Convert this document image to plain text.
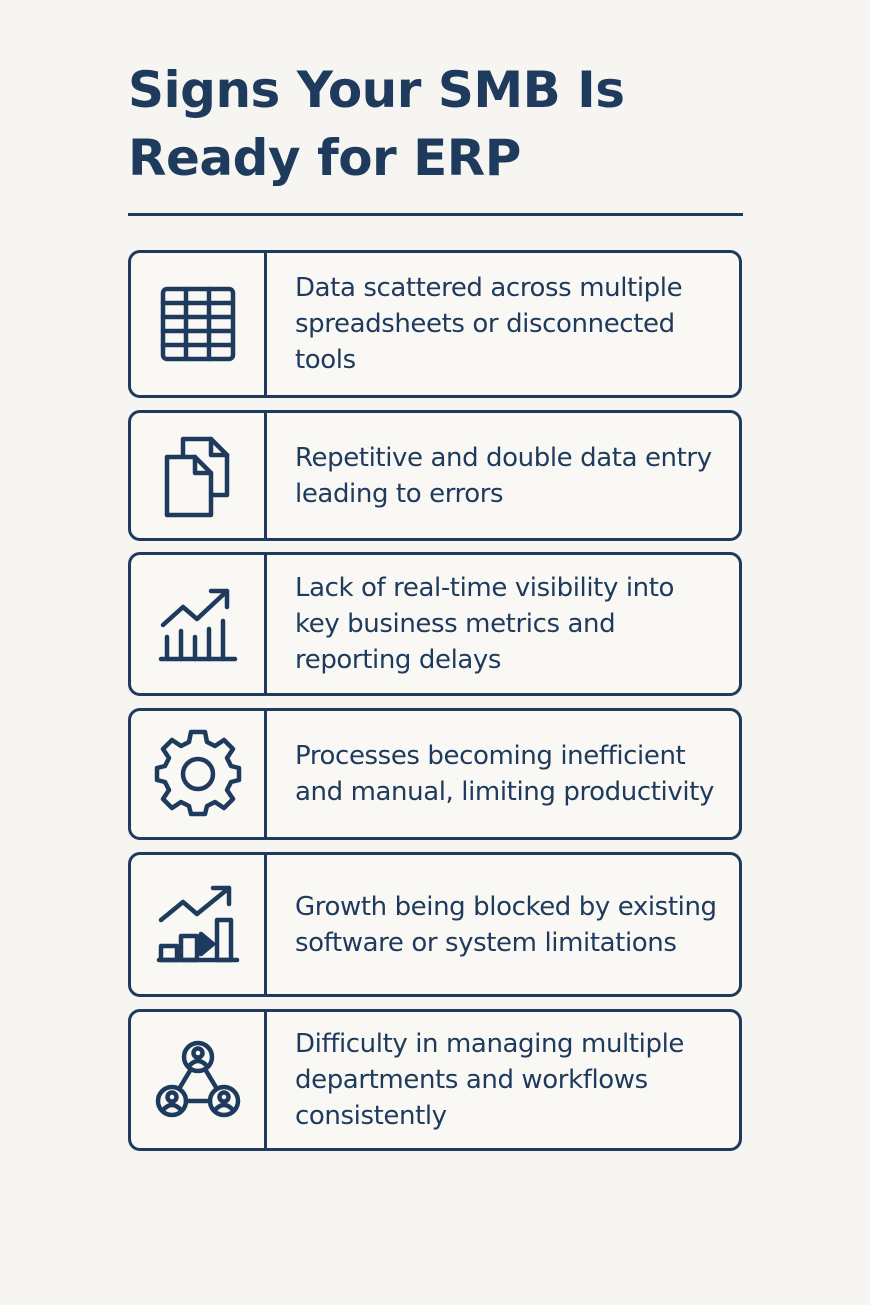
Signs Your SMB Is Ready for ERP
Data scattered across multiple spreadsheets or disconnected tools
Repetitive and double data entry leading to errors
Lack of real-time visibility into key business metrics and reporting delays
Processes becoming inefficient and manual, limiting productivity
Growth being blocked by existing software or system limitations
Difficulty in managing multiple departments and workflows consistently
